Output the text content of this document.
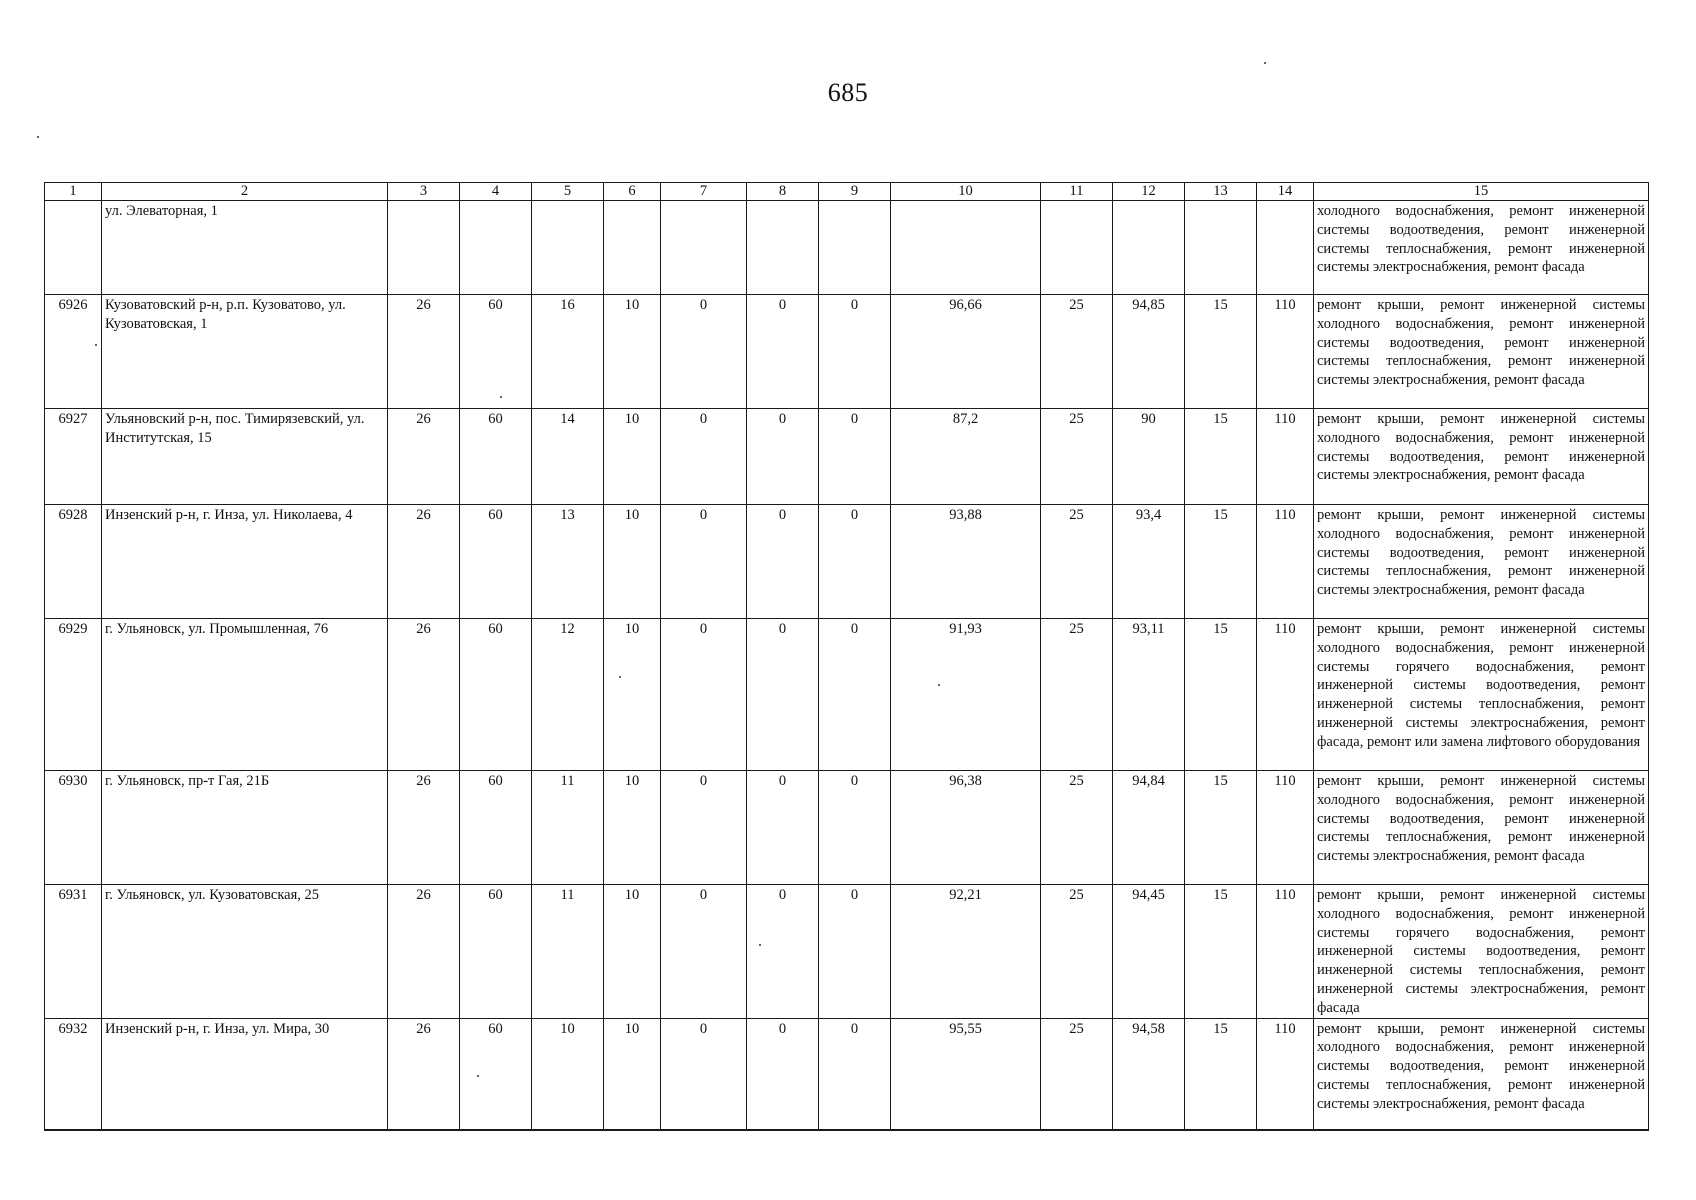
685
1	2	3	4	5	6	7	8	9	10	11	12	13	14	15
	ул. Элеваторная, 1													холодного водоснабжения, ремонт инженерной системы водоотведения, ремонт инженерной системы теплоснабжения, ремонт инженерной системы электроснабжения, ремонт фасада
6926	Кузоватовский р-н, р.п. Кузоватово, ул. Кузоватовская, 1	26	60	16	10	0	0	0	96,66	25	94,85	15	110	ремонт крыши, ремонт инженерной системы холодного водоснабжения, ремонт инженерной системы водоотведения, ремонт инженерной системы теплоснабжения, ремонт инженерной системы электроснабжения, ремонт фасада
6927	Ульяновский р-н, пос. Тимирязевский, ул. Институтская, 15	26	60	14	10	0	0	0	87,2	25	90	15	110	ремонт крыши, ремонт инженерной системы холодного водоснабжения, ремонт инженерной системы водоотведения, ремонт инженерной системы электроснабжения, ремонт фасада
6928	Инзенский р-н, г. Инза, ул. Николаева, 4	26	60	13	10	0	0	0	93,88	25	93,4	15	110	ремонт крыши, ремонт инженерной системы холодного водоснабжения, ремонт инженерной системы водоотведения, ремонт инженерной системы теплоснабжения, ремонт инженерной системы электроснабжения, ремонт фасада
6929	г. Ульяновск, ул. Промышленная, 76	26	60	12	10	0	0	0	91,93	25	93,11	15	110	ремонт крыши, ремонт инженерной системы холодного водоснабжения, ремонт инженерной системы горячего водоснабжения, ремонт инженерной системы водоотведения, ремонт инженерной системы теплоснабжения, ремонт инженерной системы электроснабжения, ремонт фасада, ремонт или замена лифтового оборудования
6930	г. Ульяновск, пр-т Гая, 21Б	26	60	11	10	0	0	0	96,38	25	94,84	15	110	ремонт крыши, ремонт инженерной системы холодного водоснабжения, ремонт инженерной системы водоотведения, ремонт инженерной системы теплоснабжения, ремонт инженерной системы электроснабжения, ремонт фасада
6931	г. Ульяновск, ул. Кузоватовская, 25	26	60	11	10	0	0	0	92,21	25	94,45	15	110	ремонт крыши, ремонт инженерной системы холодного водоснабжения, ремонт инженерной системы горячего водоснабжения, ремонт инженерной системы водоотведения, ремонт инженерной системы теплоснабжения, ремонт инженерной системы электроснабжения, ремонт фасада
6932	Инзенский р-н, г. Инза, ул. Мира, 30	26	60	10	10	0	0	0	95,55	25	94,58	15	110	ремонт крыши, ремонт инженерной системы холодного водоснабжения, ремонт инженерной системы водоотведения, ремонт инженерной системы теплоснабжения, ремонт инженерной системы электроснабжения, ремонт фасада
